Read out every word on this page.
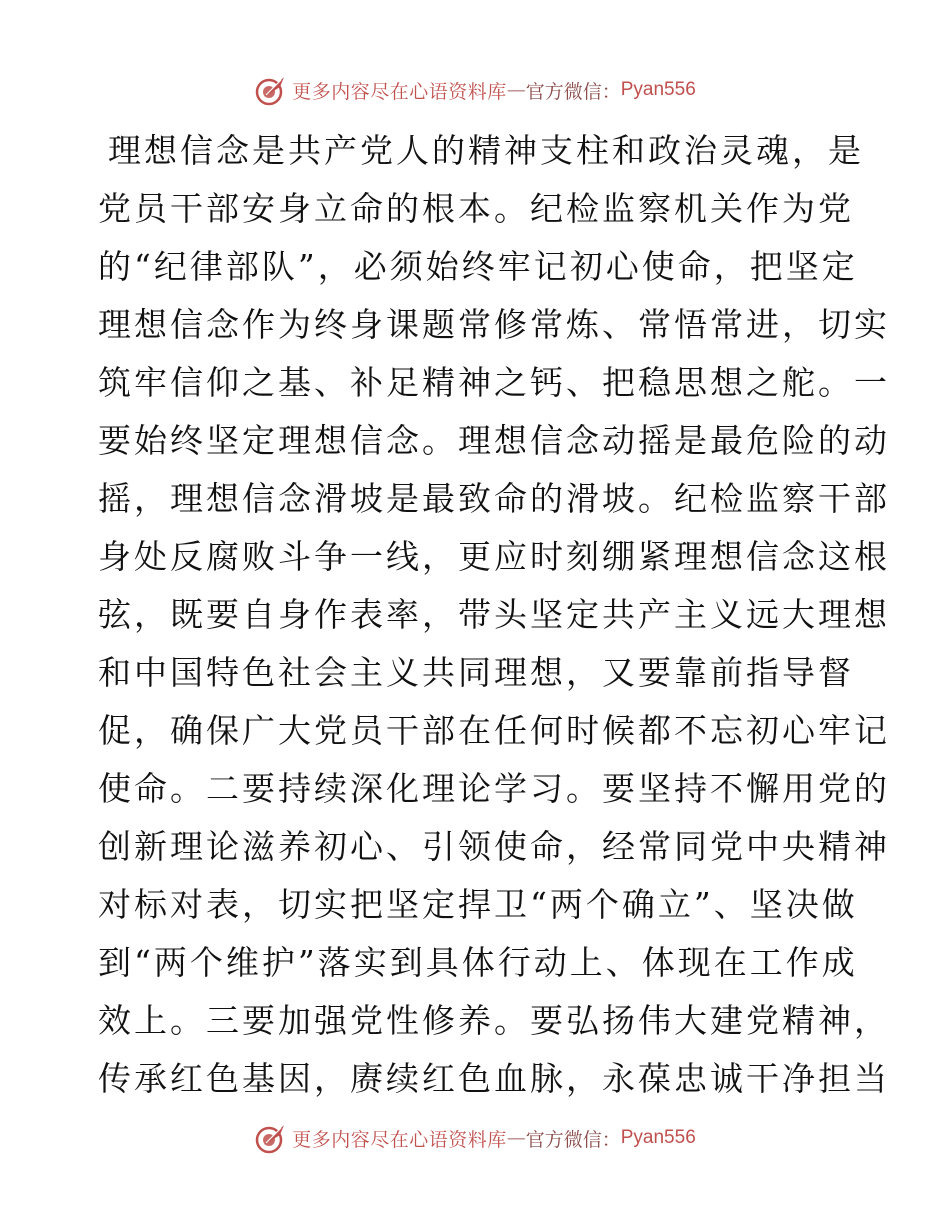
更多内容尽在心语资料库 — 官方微信： Pyan556
理想信念是共产党人的精神支柱和政治灵魂，是
党员干部安身立命的根本。纪检监察机关作为党
的“纪律部队”，必须始终牢记初心使命，把坚定
理想信念作为终身课题常修常炼、常悟常进，切实
筑牢信仰之基、补足精神之钙、把稳思想之舵。一
要始终坚定理想信念。理想信念动摇是最危险的动
摇，理想信念滑坡是最致命的滑坡。纪检监察干部
身处反腐败斗争一线，更应时刻绷紧理想信念这根
弦，既要自身作表率，带头坚定共产主义远大理想
和中国特色社会主义共同理想，又要靠前指导督
促，确保广大党员干部在任何时候都不忘初心牢记
使命。二要持续深化理论学习。要坚持不懈用党的
创新理论滋养初心、引领使命，经常同党中央精神
对标对表，切实把坚定捍卫“两个确立”、坚决做
到“两个维护”落实到具体行动上、体现在工作成
效上。三要加强党性修养。要弘扬伟大建党精神，
传承红色基因，赓续红色血脉，永葆忠诚干净担当
更多内容尽在心语资料库 — 官方微信： Pyan556
